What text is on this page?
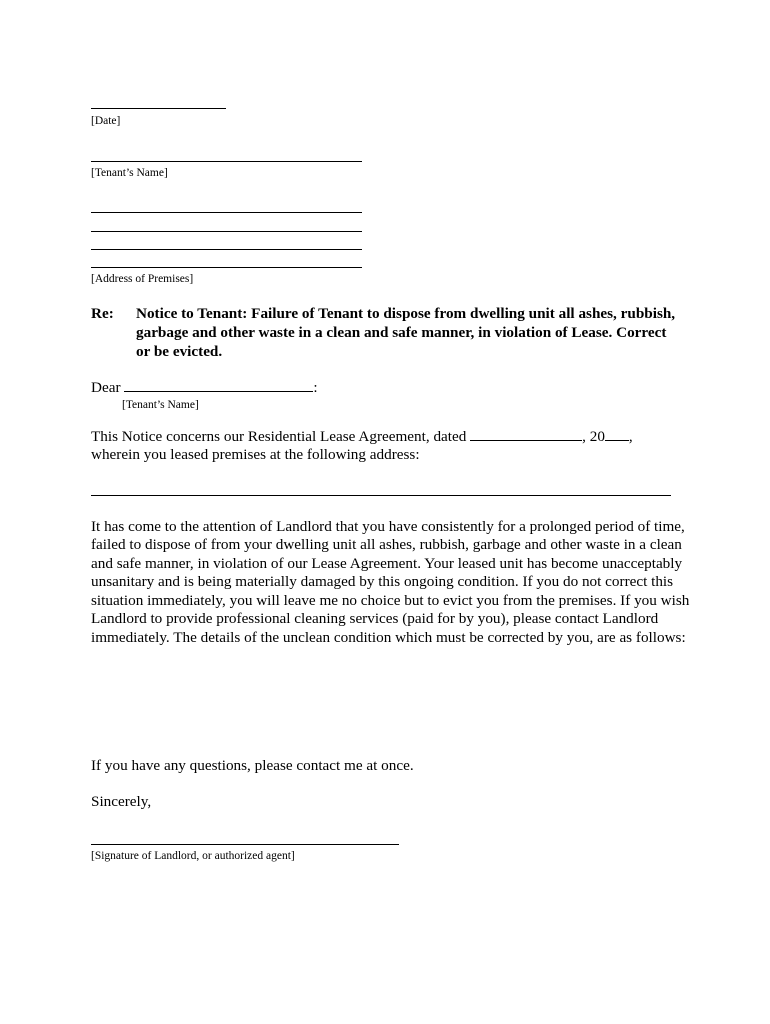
[Date]
[Tenant’s Name]
[Address of Premises]
Re: Notice to Tenant: Failure of Tenant to dispose from dwelling unit all ashes, rubbish,
garbage and other waste in a clean and safe manner, in violation of Lease. Correct
or be evicted.
Dear	:
[Tenant’s Name]
This Notice concerns our Residential Lease Agreement, dated	, 20 ,
wherein you leased premises at the following address:
It has come to the attention of Landlord that you have consistently for a prolonged period of time,
failed to dispose of from your dwelling unit all ashes, rubbish, garbage and other waste in a clean
and safe manner, in violation of our Lease Agreement. Your leased unit has become unacceptably
unsanitary and is being materially damaged by this ongoing condition. If you do not correct this
situation immediately, you will leave me no choice but to evict you from the premises. If you wish
Landlord to provide professional cleaning services (paid for by you), please contact Landlord
immediately. The details of the unclean condition which must be corrected by you, are as follows:
If you have any questions, please contact me at once.
Sincerely,
[Signature of Landlord, or authorized agent]
